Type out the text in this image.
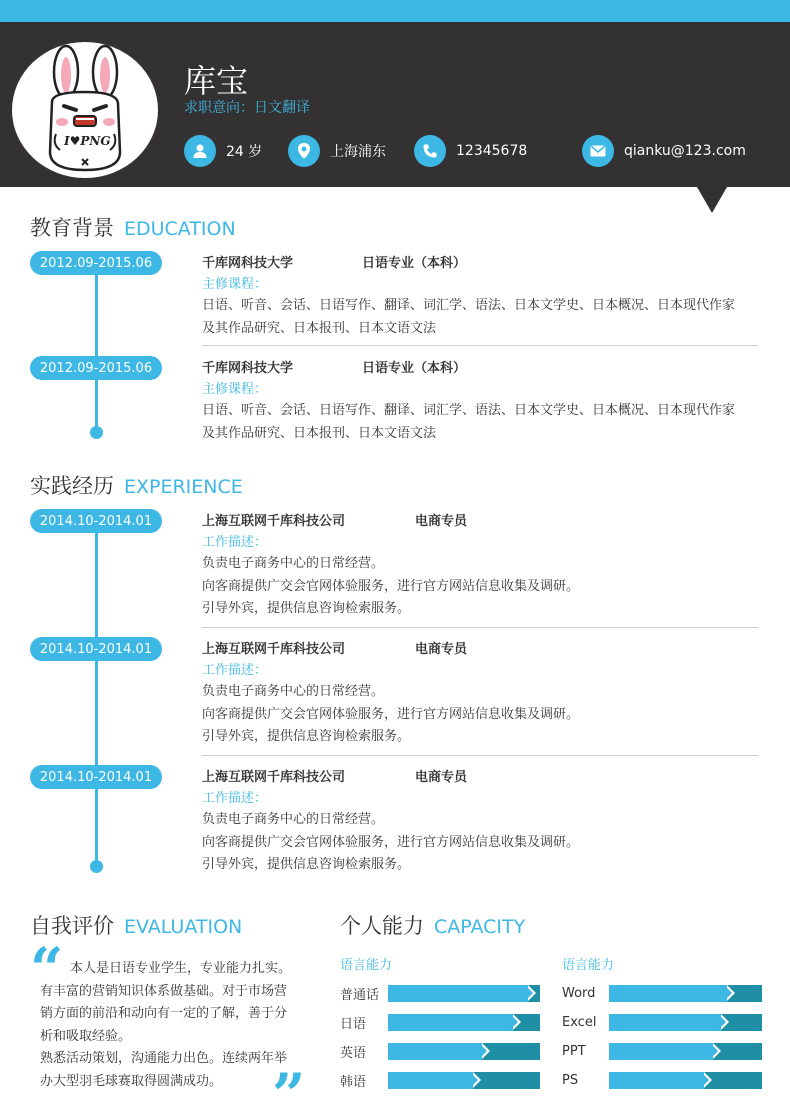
I♥PNG
库宝
求职意向：日文翻译
24 岁	上海浦东	12345678	qianku@123.com
教育背景 EDUCATION
2012.09-2015.06	千库网科技大学	日语专业（本科）
主修课程：
日语、听音、会话、日语写作、翻译、词汇学、语法、日本文学史、日本概况、日本现代作家
及其作品研究、日本报刊、日本文语文法
2012.09-2015.06	千库网科技大学	日语专业（本科）
主修课程：
日语、听音、会话、日语写作、翻译、词汇学、语法、日本文学史、日本概况、日本现代作家
及其作品研究、日本报刊、日本文语文法
实践经历 EXPERIENCE
2014.10-2014.01	上海互联网千库科技公司	电商专员
工作描述：
负责电子商务中心的日常经营。
向客商提供广交会官网体验服务，进行官方网站信息收集及调研。
引导外宾，提供信息咨询检索服务。
2014.10-2014.01	上海互联网千库科技公司	电商专员
工作描述：
负责电子商务中心的日常经营。
向客商提供广交会官网体验服务，进行官方网站信息收集及调研。
引导外宾，提供信息咨询检索服务。
2014.10-2014.01	上海互联网千库科技公司	电商专员
工作描述：
负责电子商务中心的日常经营。
向客商提供广交会官网体验服务，进行官方网站信息收集及调研。
引导外宾，提供信息咨询检索服务。
自我评价 EVALUATION
“ 本人是日语专业学生，专业能力扎实。
有丰富的营销知识体系做基础。对于市场营
销方面的前沿和动向有一定的了解，善于分
析和吸取经验。
熟悉活动策划，沟通能力出色。连续两年举
办大型羽毛球赛取得圆满成功。 ”
个人能力 CAPACITY
语言能力	语言能力
普通话
日语
英语
韩语
Word
Excel
PPT
PS
